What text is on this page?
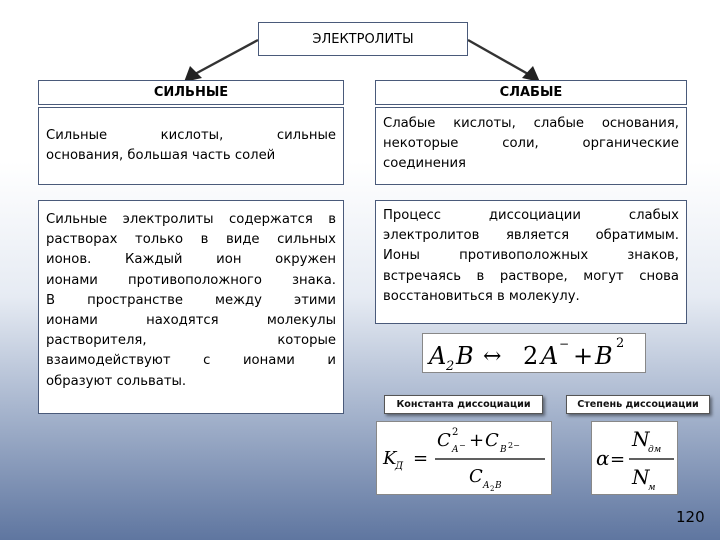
ЭЛЕКТРОЛИТЫ
СИЛЬНЫЕ
Сильные кислоты, сильные
основания, большая часть солей
Сильные электролиты содержатся в
растворах только в виде сильных
ионов. Каждый ион окружен
ионами противоположного знака.
В пространстве между этими
ионами находятся молекулы
растворителя, которые
взаимодействуют с ионами и
образуют сольваты.
СЛАБЫЕ
Слабые кислоты, слабые основания,
некоторые соли, органические
соединения
Процесс диссоциации слабых
электролитов является обратимым.
Ионы противоположных знаков,
встречаясь в растворе, могут снова
восстановиться в молекулу.
A 2 B ↔ 2 A − + B 2
Константа диссоциации	Степень диссоциации
K
Д =
C 2
A − + C B 2−
C A 2 B
α =
N
дм
N
м
120
